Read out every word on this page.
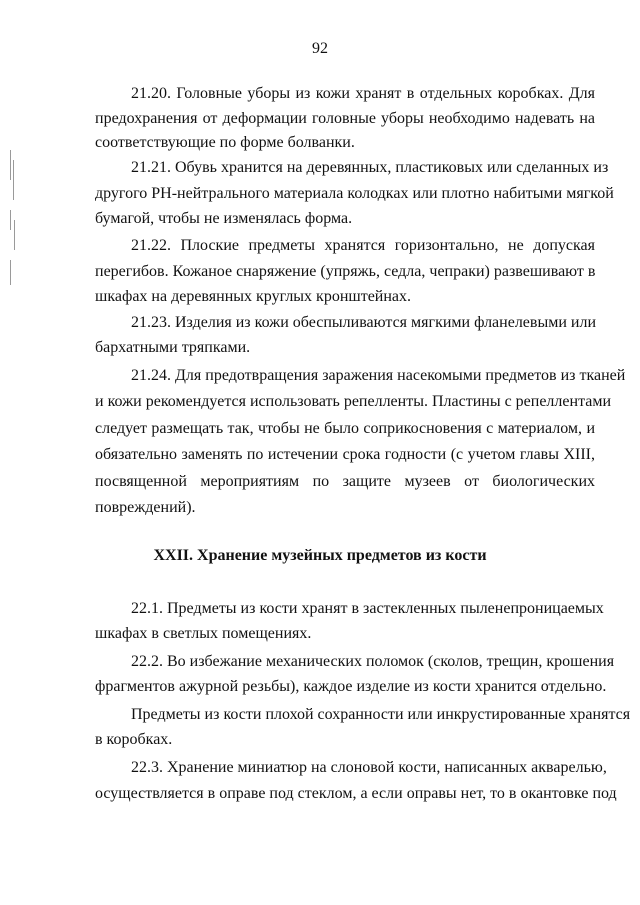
92
21.20. Головные уборы из кожи хранят в отдельных коробках. Для
предохранения от деформации головные уборы необходимо надевать на
соответствующие по форме болванки.
21.21. Обувь хранится на деревянных, пластиковых или сделанных из
другого РН-нейтрального материала колодках или плотно набитыми мягкой
бумагой, чтобы не изменялась форма.
21.22. Плоские предметы хранятся горизонтально, не допуская
перегибов. Кожаное снаряжение (упряжь, седла, чепраки) развешивают в
шкафах на деревянных круглых кронштейнах.
21.23. Изделия из кожи обеспыливаются мягкими фланелевыми или
бархатными тряпками.
21.24. Для предотвращения заражения насекомыми предметов из тканей
и кожи рекомендуется использовать репелленты. Пластины с репеллентами
следует размещать так, чтобы не было соприкосновения с материалом, и
обязательно заменять по истечении срока годности (с учетом главы XIII,
посвященной мероприятиям по защите музеев от биологических
повреждений).
XXII. Хранение музейных предметов из кости
22.1. Предметы из кости хранят в застекленных пыленепроницаемых
шкафах в светлых помещениях.
22.2. Во избежание механических поломок (сколов, трещин, крошения
фрагментов ажурной резьбы), каждое изделие из кости хранится отдельно.
Предметы из кости плохой сохранности или инкрустированные хранятся
в коробках.
22.3. Хранение миниатюр на слоновой кости, написанных акварелью,
осуществляется в оправе под стеклом, а если оправы нет, то в окантовке под
